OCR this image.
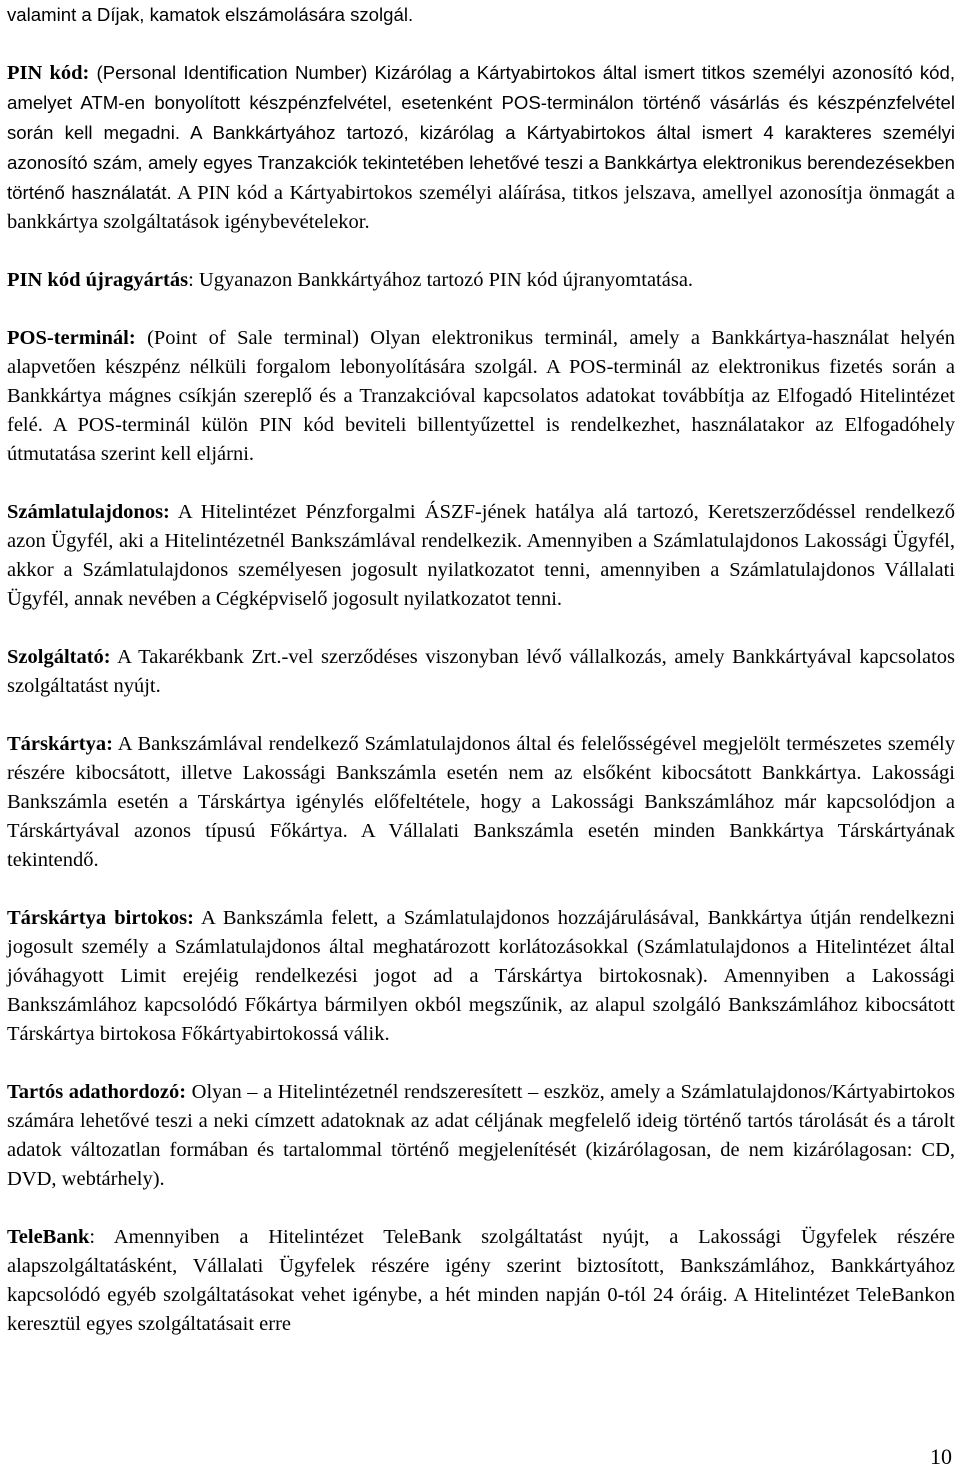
valamint a Díjak, kamatok elszámolására szolgál.

PIN kód: (Personal Identification Number) Kizárólag a Kártyabirtokos által ismert titkos személyi azonosító kód, amelyet ATM-en bonyolított készpénzfelvétel, esetenként POS-terminálon történő vásárlás és készpénzfelvétel során kell megadni. A Bankkártyához tartozó, kizárólag a Kártyabirtokos által ismert 4 karakteres személyi azonosító szám, amely egyes Tranzakciók tekintetében lehetővé teszi a Bankkártya elektronikus berendezésekben történő használatát. A PIN kód a Kártyabirtokos személyi aláírása, titkos jelszava, amellyel azonosítja önmagát a bankkártya szolgáltatások igénybevételekor.

PIN kód újragyártás: Ugyanazon Bankkártyához tartozó PIN kód újranyomtatása.

POS-terminál: (Point of Sale terminal) Olyan elektronikus terminál, amely a Bankkártya-használat helyén alapvetően készpénz nélküli forgalom lebonyolítására szolgál. A POS-terminál az elektronikus fizetés során a Bankkártya mágnes csíkján szereplő és a Tranzakcióval kapcsolatos adatokat továbbítja az Elfogadó Hitelintézet felé. A POS-terminál külön PIN kód beviteli billentyűzettel is rendelkezhet, használatakor az Elfogadóhely útmutatása szerint kell eljárni.

Számlatulajdonos: A Hitelintézet Pénzforgalmi ÁSZF-jének hatálya alá tartozó, Keretszerződéssel rendelkező azon Ügyfél, aki a Hitelintézetnél Bankszámlával rendelkezik. Amennyiben a Számlatulajdonos Lakossági Ügyfél, akkor a Számlatulajdonos személyesen jogosult nyilatkozatot tenni, amennyiben a Számlatulajdonos Vállalati Ügyfél, annak nevében a Cégképviselő jogosult nyilatkozatot tenni.

Szolgáltató: A Takarékbank Zrt.-vel szerződéses viszonyban lévő vállalkozás, amely Bankkártyával kapcsolatos szolgáltatást nyújt.

Társkártya: A Bankszámlával rendelkező Számlatulajdonos által és felelősségével megjelölt természetes személy részére kibocsátott, illetve Lakossági Bankszámla esetén nem az elsőként kibocsátott Bankkártya. Lakossági Bankszámla esetén a Társkártya igénylés előfeltétele, hogy a Lakossági Bankszámlához már kapcsolódjon a Társkártyával azonos típusú Főkártya. A Vállalati Bankszámla esetén minden Bankkártya Társkártyának tekintendő.

Társkártya birtokos: A Bankszámla felett, a Számlatulajdonos hozzájárulásával, Bankkártya útján rendelkezni jogosult személy a Számlatulajdonos által meghatározott korlátozásokkal (Számlatulajdonos a Hitelintézet által jóváhagyott Limit erejéig rendelkezési jogot ad a Társkártya birtokosnak). Amennyiben a Lakossági Bankszámlához kapcsolódó Főkártya bármilyen okból megszűnik, az alapul szolgáló Bankszámlához kibocsátott Társkártya birtokosa Főkártyabirtokossá válik.

Tartós adathordozó: Olyan – a Hitelintézetnél rendszeresített – eszköz, amely a Számlatulajdonos/Kártyabirtokos számára lehetővé teszi a neki címzett adatoknak az adat céljának megfelelő ideig történő tartós tárolását és a tárolt adatok változatlan formában és tartalommal történő megjelenítését (kizárólagosan, de nem kizárólagosan: CD, DVD, webtárhely).

TeleBank: Amennyiben a Hitelintézet TeleBank szolgáltatást nyújt, a Lakossági Ügyfelek részére alapszolgáltatásként, Vállalati Ügyfelek részére igény szerint biztosított, Bankszámlához, Bankkártyához kapcsolódó egyéb szolgáltatásokat vehet igénybe, a hét minden napján 0-tól 24 óráig. A Hitelintézet TeleBankon keresztül egyes szolgáltatásait erre

10
